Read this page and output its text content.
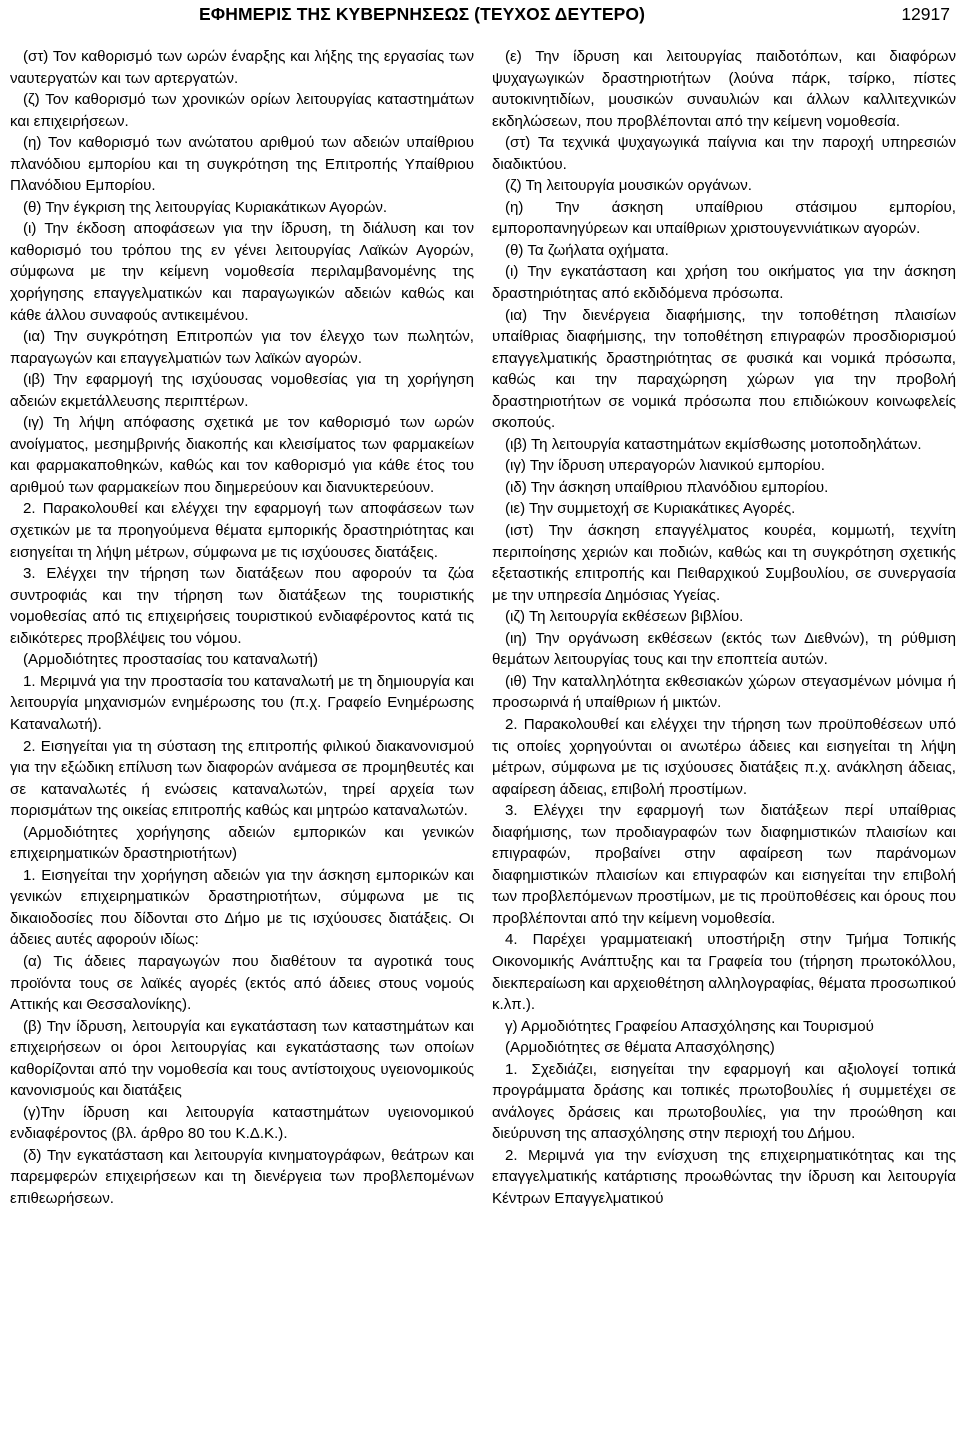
ΕΦΗΜΕΡΙΣ ΤΗΣ ΚΥΒΕΡΝΗΣΕΩΣ (ΤΕΥΧΟΣ ΔΕΥΤΕΡΟ)	12917

(στ) Τον καθορισμό των ωρών έναρξης και λήξης της εργασίας των ναυτεργατών και των αρτεργατών.

(ζ) Τον καθορισμό των χρονικών ορίων λειτουργίας καταστημάτων και επιχειρήσεων.

(η) Τον καθορισμό των ανώτατου αριθμού των αδειών υπαίθριου πλανόδιου εμπορίου και τη συγκρότηση της Επιτροπής Υπαίθριου Πλανόδιου Εμπορίου.

(θ) Την έγκριση της λειτουργίας Κυριακάτικων Αγορών.

(ι) Την έκδοση αποφάσεων για την ίδρυση, τη διάλυση και τον καθορισμό του τρόπου της εν γένει λειτουργίας Λαϊκών Αγορών, σύμφωνα με την κείμενη νομοθεσία περιλαμβανομένης της χορήγησης επαγγελματικών και παραγωγικών αδειών καθώς και κάθε άλλου συναφούς αντικειμένου.

(ια) Την συγκρότηση Επιτροπών για τον έλεγχο των πωλητών, παραγωγών και επαγγελματιών των λαϊκών αγορών.

(ιβ) Την εφαρμογή της ισχύουσας νομοθεσίας για τη χορήγηση αδειών εκμετάλλευσης περιπτέρων.

(ιγ) Τη λήψη απόφασης σχετικά με τον καθορισμό των ωρών ανοίγματος, μεσημβρινής διακοπής και κλεισίματος των φαρμακείων και φαρμακαποθηκών, καθώς και τον καθορισμό για κάθε έτος του αριθμού των φαρμακείων που διημερεύουν και διανυκτερεύουν.

2. Παρακολουθεί και ελέγχει την εφαρμογή των αποφάσεων των σχετικών με τα προηγούμενα θέματα εμπορικής δραστηριότητας και εισηγείται τη λήψη μέτρων, σύμφωνα με τις ισχύουσες διατάξεις.

3. Ελέγχει την τήρηση των διατάξεων που αφορούν τα ζώα συντροφιάς και την τήρηση των διατάξεων της τουριστικής νομοθεσίας από τις επιχειρήσεις τουριστικού ενδιαφέροντος κατά τις ειδικότερες προβλέψεις του νόμου.

(Αρμοδιότητες προστασίας του καταναλωτή)

1. Μεριμνά για την προστασία του καταναλωτή με τη δημιουργία και λειτουργία μηχανισμών ενημέρωσης του (π.χ. Γραφείο Ενημέρωσης Καταναλωτή).

2. Εισηγείται για τη σύσταση της επιτροπής φιλικού διακανονισμού για την εξώδικη επίλυση των διαφορών ανάμεσα σε προμηθευτές και σε καταναλωτές ή ενώσεις καταναλωτών, τηρεί αρχεία των πορισμάτων της οικείας επιτροπής καθώς και μητρώο καταναλωτών.

(Αρμοδιότητες χορήγησης αδειών εμπορικών και γενικών επιχειρηματικών δραστηριοτήτων)

1. Εισηγείται την χορήγηση αδειών για την άσκηση εμπορικών και γενικών επιχειρηματικών δραστηριοτήτων, σύμφωνα με τις δικαιοδοσίες που δίδονται στο Δήμο με τις ισχύουσες διατάξεις. Οι άδειες αυτές αφορούν ιδίως:

(α) Τις άδειες παραγωγών που διαθέτουν τα αγροτικά τους προϊόντα τους σε λαϊκές αγορές (εκτός από άδειες στους νομούς Αττικής και Θεσσαλονίκης).

(β) Την ίδρυση, λειτουργία και εγκατάσταση των καταστημάτων και επιχειρήσεων οι όροι λειτουργίας και εγκατάστασης των οποίων καθορίζονται από την νομοθεσία και τους αντίστοιχους υγειονομικούς κανονισμούς και διατάξεις

(γ)Την ίδρυση και λειτουργία καταστημάτων υγειονομικού ενδιαφέροντος (βλ. άρθρο 80 του Κ.Δ.Κ.).

(δ) Την εγκατάσταση και λειτουργία κινηματογράφων, θεάτρων και παρεμφερών επιχειρήσεων και τη διενέργεια των προβλεπομένων επιθεωρήσεων.

(ε) Την ίδρυση και λειτουργίας παιδοτόπων, και διαφόρων ψυχαγωγικών δραστηριοτήτων (λούνα πάρκ, τσίρκο, πίστες αυτοκινητιδίων, μουσικών συναυλιών και άλλων καλλιτεχνικών εκδηλώσεων, που προβλέπονται από την κείμενη νομοθεσία.

(στ) Τα τεχνικά ψυχαγωγικά παίγνια και την παροχή υπηρεσιών διαδικτύου.

(ζ) Τη λειτουργία μουσικών οργάνων.

(η) Την άσκηση υπαίθριου στάσιμου εμπορίου, εμποροπανηγύρεων και υπαίθριων χριστουγεννιάτικων αγορών.

(θ) Τα ζωήλατα οχήματα.

(ι) Την εγκατάσταση και χρήση του οικήματος για την άσκηση δραστηριότητας από εκδιδόμενα πρόσωπα.

(ια) Την διενέργεια διαφήμισης, την τοποθέτηση πλαισίων υπαίθριας διαφήμισης, την τοποθέτηση επιγραφών προσδιορισμού επαγγελματικής δραστηριότητας σε φυσικά και νομικά πρόσωπα, καθώς και την παραχώρηση χώρων για την προβολή δραστηριοτήτων σε νομικά πρόσωπα που επιδιώκουν κοινωφελείς σκοπούς.

(ιβ) Τη λειτουργία καταστημάτων εκμίσθωσης μοτοποδηλάτων.

(ιγ) Την ίδρυση υπεραγορών λιανικού εμπορίου.

(ιδ) Την άσκηση υπαίθριου πλανόδιου εμπορίου.

(ιε) Την συμμετοχή σε Κυριακάτικες Αγορές.

(ιστ) Την άσκηση επαγγέλματος κουρέα, κομμωτή, τεχνίτη περιποίησης χεριών και ποδιών, καθώς και τη συγκρότηση σχετικής εξεταστικής επιτροπής και Πειθαρχικού Συμβουλίου, σε συνεργασία με την υπηρεσία Δημόσιας Υγείας.

(ιζ) Τη λειτουργία εκθέσεων βιβλίου.

(ιη) Την οργάνωση εκθέσεων (εκτός των Διεθνών), τη ρύθμιση θεμάτων λειτουργίας τους και την εποπτεία αυτών.

(ιθ) Την καταλληλότητα εκθεσιακών χώρων στεγασμένων μόνιμα ή προσωρινά ή υπαίθριων ή μικτών.

2. Παρακολουθεί και ελέγχει την τήρηση των προϋποθέσεων υπό τις οποίες χορηγούνται οι ανωτέρω άδειες και εισηγείται τη λήψη μέτρων, σύμφωνα με τις ισχύουσες διατάξεις π.χ. ανάκληση άδειας, αφαίρεση άδειας, επιβολή προστίμων.

3. Ελέγχει την εφαρμογή των διατάξεων περί υπαίθριας διαφήμισης, των προδιαγραφών των διαφημιστικών πλαισίων και επιγραφών, προβαίνει στην αφαίρεση των παράνομων διαφημιστικών πλαισίων και επιγραφών και εισηγείται την επιβολή των προβλεπόμενων προστίμων, με τις προϋποθέσεις και όρους που προβλέπονται από την κείμενη νομοθεσία.

4. Παρέχει γραμματειακή υποστήριξη στην Τμήμα Τοπικής Οικονομικής Ανάπτυξης και τα Γραφεία του (τήρηση πρωτοκόλλου, διεκπεραίωση και αρχειοθέτηση αλληλογραφίας, θέματα προσωπικού κ.λπ.).

γ) Αρμοδιότητες Γραφείου Απασχόλησης και Τουρισμού

(Αρμοδιότητες σε θέματα Απασχόλησης)

1. Σχεδιάζει, εισηγείται την εφαρμογή και αξιολογεί τοπικά προγράμματα δράσης και τοπικές πρωτοβουλίες ή συμμετέχει σε ανάλογες δράσεις και πρωτοβουλίες, για την προώθηση και διεύρυνση της απασχόλησης στην περιοχή του Δήμου.

2. Μεριμνά για την ενίσχυση της επιχειρηματικότητας και της επαγγελματικής κατάρτισης προωθώντας την ίδρυση και λειτουργία Κέντρων Επαγγελματικού
